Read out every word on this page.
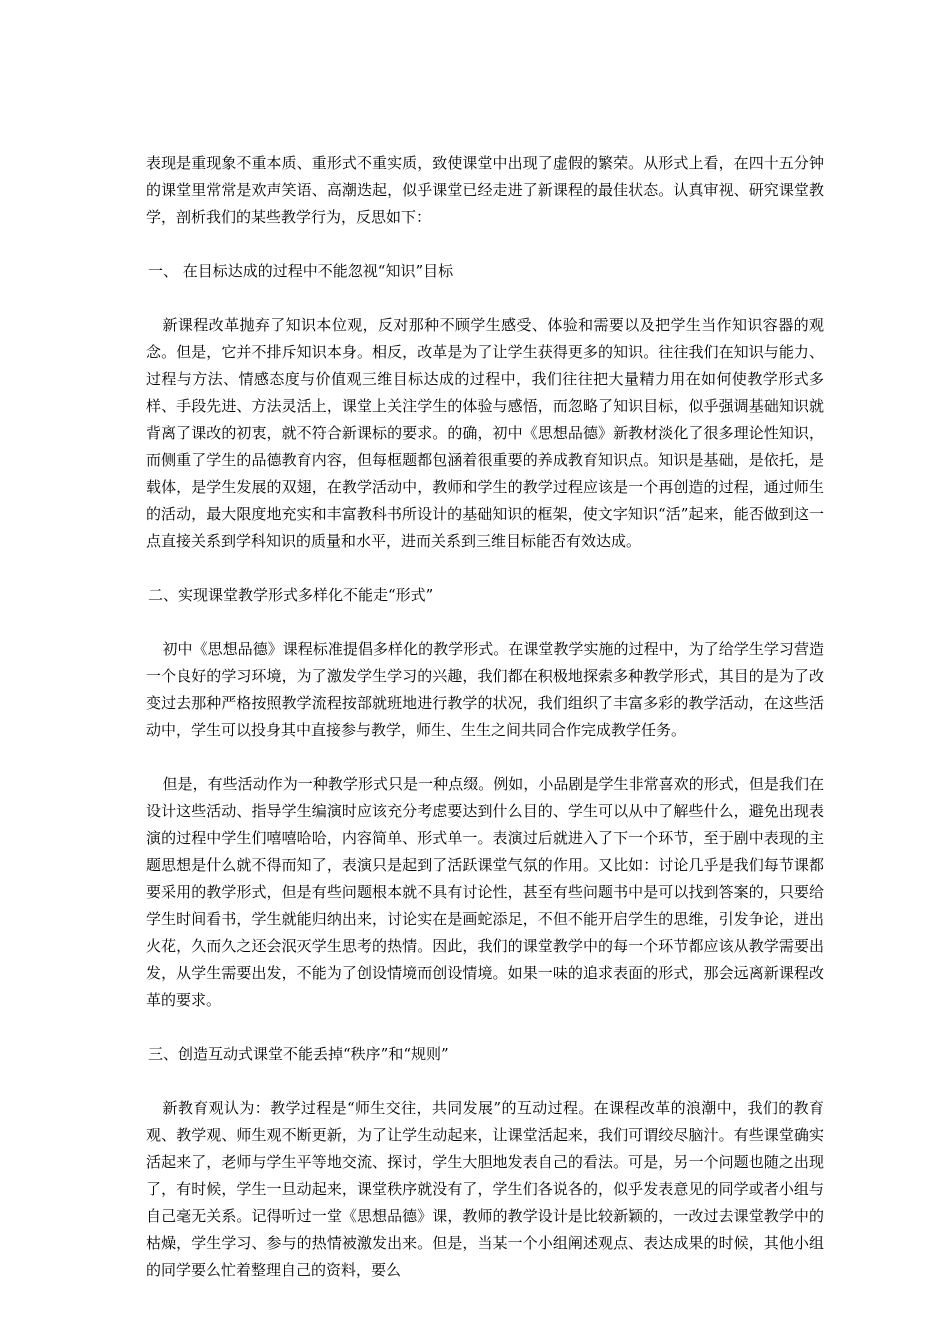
表现是重现象不重本质、重形式不重实质，致使课堂中出现了虚假的繁荣。从形式上看，在四十五分钟的课堂里常常是欢声笑语、高潮迭起，似乎课堂已经走进了新课程的最佳状态。认真审视、研究课堂教学，剖析我们的某些教学行为，反思如下：

一、 在目标达成的过程中不能忽视“知识”目标

新课程改革抛弃了知识本位观，反对那种不顾学生感受、体验和需要以及把学生当作知识容器的观念。但是，它并不排斥知识本身。相反，改革是为了让学生获得更多的知识。往往我们在知识与能力、过程与方法、情感态度与价值观三维目标达成的过程中，我们往往把大量精力用在如何使教学形式多样、手段先进、方法灵活上，课堂上关注学生的体验与感悟，而忽略了知识目标，似乎强调基础知识就背离了课改的初衷，就不符合新课标的要求。的确，初中《思想品德》新教材淡化了很多理论性知识，而侧重了学生的品德教育内容，但每框题都包涵着很重要的养成教育知识点。知识是基础，是依托，是载体，是学生发展的双翅，在教学活动中，教师和学生的教学过程应该是一个再创造的过程，通过师生的活动，最大限度地充实和丰富教科书所设计的基础知识的框架，使文字知识“活”起来，能否做到这一点直接关系到学科知识的质量和水平，进而关系到三维目标能否有效达成。

二、实现课堂教学形式多样化不能走“形式”

初中《思想品德》课程标准提倡多样化的教学形式。在课堂教学实施的过程中，为了给学生学习营造一个良好的学习环境，为了激发学生学习的兴趣，我们都在积极地探索多种教学形式，其目的是为了改变过去那种严格按照教学流程按部就班地进行教学的状况，我们组织了丰富多彩的教学活动，在这些活动中，学生可以投身其中直接参与教学，师生、生生之间共同合作完成教学任务。

但是，有些活动作为一种教学形式只是一种点缀。例如，小品剧是学生非常喜欢的形式，但是我们在设计这些活动、指导学生编演时应该充分考虑要达到什么目的、学生可以从中了解些什么，避免出现表演的过程中学生们嘻嘻哈哈，内容简单、形式单一。表演过后就进入了下一个环节，至于剧中表现的主题思想是什么就不得而知了，表演只是起到了活跃课堂气氛的作用。又比如：讨论几乎是我们每节课都要采用的教学形式，但是有些问题根本就不具有讨论性，甚至有些问题书中是可以找到答案的，只要给学生时间看书，学生就能归纳出来，讨论实在是画蛇添足，不但不能开启学生的思维，引发争论，迸出火花，久而久之还会泯灭学生思考的热情。因此，我们的课堂教学中的每一个环节都应该从教学需要出发，从学生需要出发，不能为了创设情境而创设情境。如果一味的追求表面的形式，那会远离新课程改革的要求。

三、创造互动式课堂不能丢掉“秩序”和“规则”

新教育观认为：教学过程是“师生交往，共同发展”的互动过程。在课程改革的浪潮中，我们的教育观、教学观、师生观不断更新，为了让学生动起来，让课堂活起来，我们可谓绞尽脑汁。有些课堂确实活起来了，老师与学生平等地交流、探讨，学生大胆地发表自己的看法。可是，另一个问题也随之出现了，有时候，学生一旦动起来，课堂秩序就没有了，学生们各说各的，似乎发表意见的同学或者小组与自己毫无关系。记得听过一堂《思想品德》课，教师的教学设计是比较新颖的，一改过去课堂教学中的枯燥，学生学习、参与的热情被激发出来。但是，当某一个小组阐述观点、表达成果的时候，其他小组的同学要么忙着整理自己的资料，要么
